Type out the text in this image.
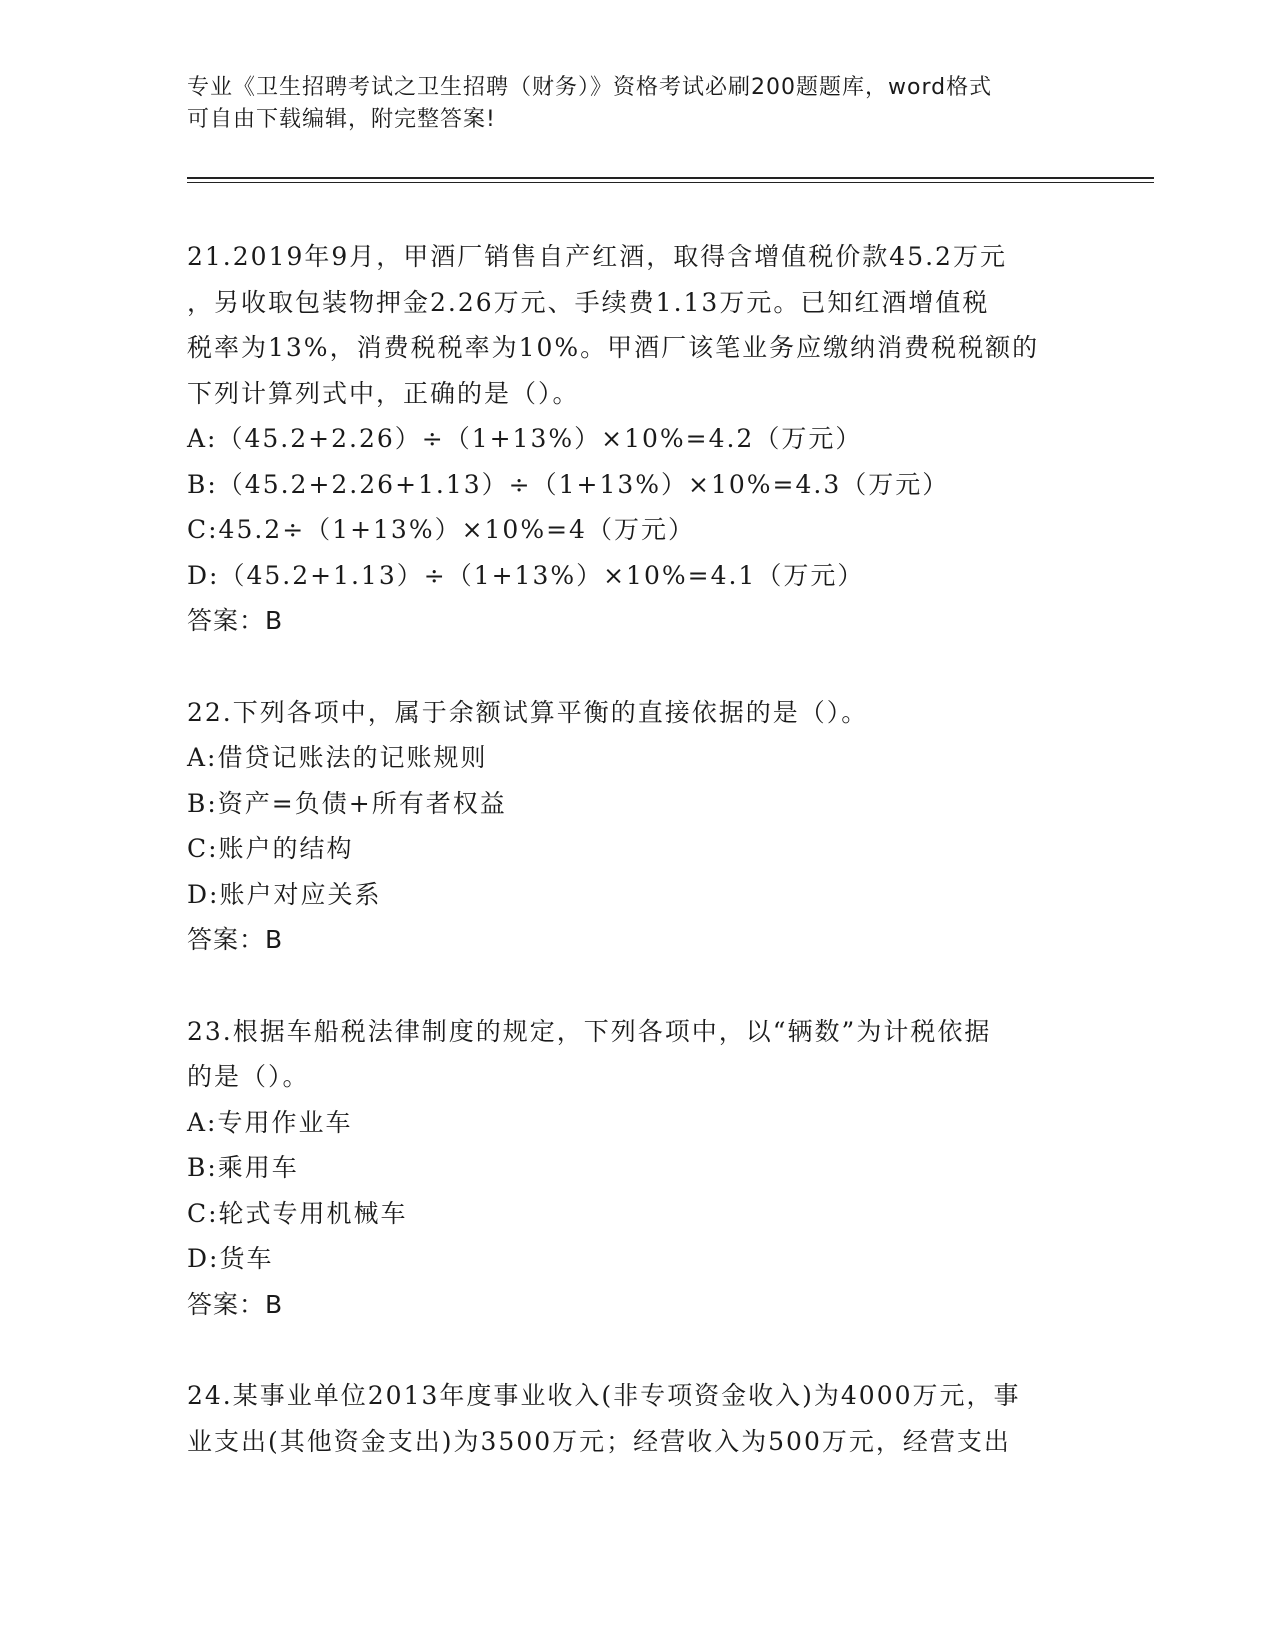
专业《卫生招聘考试之卫生招聘（财务）》资格考试必刷200题题库，word格式
可自由下载编辑，附完整答案!
21.2019年9月，甲酒厂销售自产红酒，取得含增值税价款45.2万元
，另收取包装物押金2.26万元、手续费1.13万元。已知红酒增值税
税率为13%，消费税税率为10%。甲酒厂该笔业务应缴纳消费税税额的
下列计算列式中，正确的是（）。
A:（45.2+2.26）÷（1+13%）×10%=4.2（万元）
B:（45.2+2.26+1.13）÷（1+13%）×10%=4.3（万元）
C:45.2÷（1+13%）×10%=4（万元）
D:（45.2+1.13）÷（1+13%）×10%=4.1（万元）
答案：B
22.下列各项中，属于余额试算平衡的直接依据的是（）。
A:借贷记账法的记账规则
B:资产=负债+所有者权益
C:账户的结构
D:账户对应关系
答案：B
23.根据车船税法律制度的规定，下列各项中，以“辆数”为计税依据
的是（）。
A:专用作业车
B:乘用车
C:轮式专用机械车
D:货车
答案：B
24.某事业单位2013年度事业收入(非专项资金收入)为4000万元，事
业支出(其他资金支出)为3500万元；经营收入为500万元，经营支出
